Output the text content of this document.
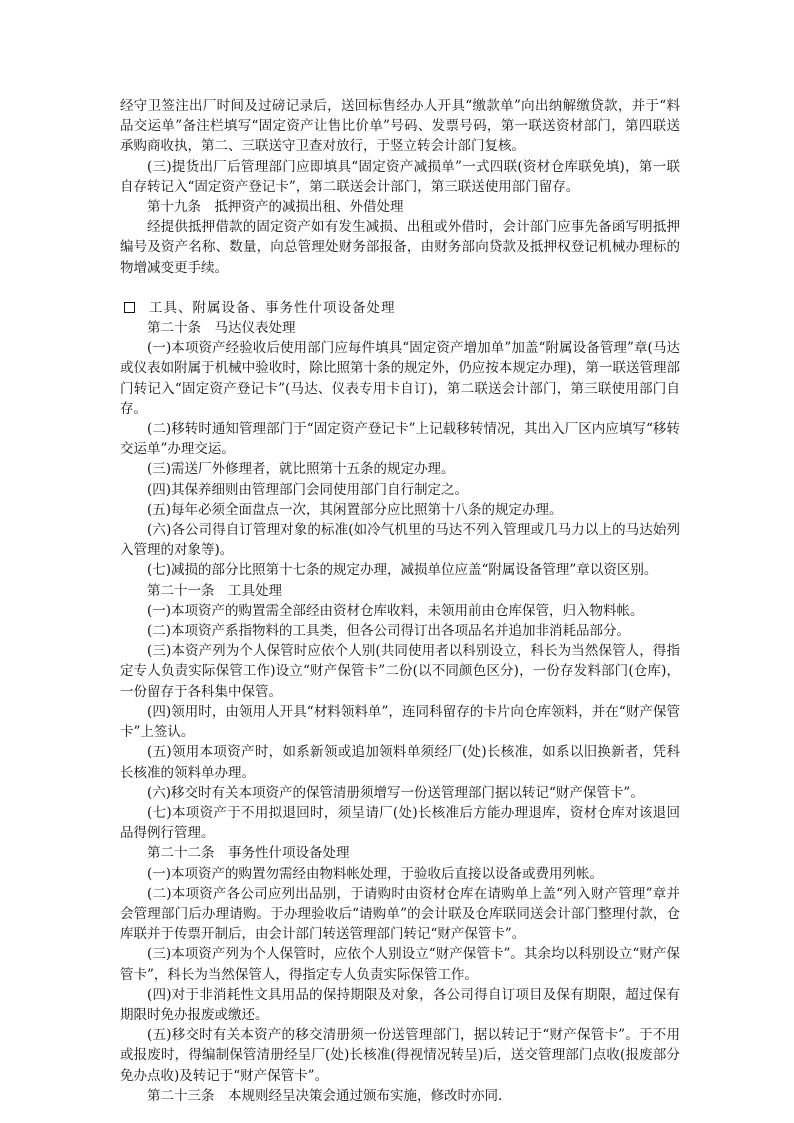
经守卫签注出厂时间及过磅记录后，送回标售经办人开具“缴款单”向出纳解缴贷款，并于“料品交运单”备注栏填写“固定资产让售比价单”号码、发票号码，第一联送资材部门，第四联送承购商收执，第二、三联送守卫查对放行，于竖立转会计部门复核。

(三)提货出厂后管理部门应即填具“固定资产减损单”一式四联(资材仓库联免填)，第一联自存转记入“固定资产登记卡”，第二联送会计部门，第三联送使用部门留存。

第十九条　抵押资产的减损出租、外借处理

经提供抵押借款的固定资产如有发生减损、出租或外借时，会计部门应事先备函写明抵押编号及资产名称、数量，向总管理处财务部报备，由财务部向贷款及抵押权登记机械办理标的物增减变更手续。

工具、附属设备、事务性什项设备处理

第二十条　马达仪表处理

(一)本项资产经验收后使用部门应每件填具“固定资产增加单”加盖“附属设备管理”章(马达或仪表如附属于机械中验收时，除比照第十条的规定外，仍应按本规定办理)，第一联送管理部门转记入“固定资产登记卡”(马达、仪表专用卡自订)，第二联送会计部门，第三联使用部门自存。

(二)移转时通知管理部门于“固定资产登记卡”上记载移转情况，其出入厂区内应填写“移转交运单”办理交运。

(三)需送厂外修理者，就比照第十五条的规定办理。

(四)其保养细则由管理部门会同使用部门自行制定之。

(五)每年必须全面盘点一次，其闲置部分应比照第十八条的规定办理。

(六)各公司得自订管理对象的标准(如冷气机里的马达不列入管理或几马力以上的马达始列入管理的对象等)。

(七)减损的部分比照第十七条的规定办理，减损单位应盖“附属设备管理”章以资区别。

第二十一条　工具处理

(一)本项资产的购置需全部经由资材仓库收料，未领用前由仓库保管，归入物料帐。

(二)本项资产系指物料的工具类，但各公司得订出各项品名并追加非消耗品部分。

(三)本资产列为个人保管时应依个人别(共同使用者以科别设立，科长为当然保管人，得指定专人负责实际保管工作)设立“财产保管卡”二份(以不同颜色区分)，一份存发料部门(仓库)，一份留存于各科集中保管。

(四)领用时，由领用人开具“材料领料单”，连同科留存的卡片向仓库领料，并在“财产保管卡”上签认。

(五)领用本项资产时，如系新领或追加领料单须经厂(处)长核准，如系以旧换新者，凭科长核准的领料单办理。

(六)移交时有关本项资产的保管清册须增写一份送管理部门据以转记“财产保管卡”。

(七)本项资产于不用拟退回时，须呈请厂(处)长核准后方能办理退库，资材仓库对该退回品得例行管理。

第二十二条　事务性什项设备处理

(一)本项资产的购置勿需经由物料帐处理，于验收后直接以设备或费用列帐。

(二)本项资产各公司应列出品别，于请购时由资材仓库在请购单上盖“列入财产管理”章并会管理部门后办理请购。于办理验收后“请购单”的会计联及仓库联同送会计部门整理付款，仓库联并于传票开制后，由会计部门转送管理部门转记“财产保管卡”。

(三)本项资产列为个人保管时，应依个人别设立“财产保管卡”。其余均以科别设立“财产保管卡”，科长为当然保管人，得指定专人负责实际保管工作。

(四)对于非消耗性文具用品的保持期限及对象，各公司得自订项目及保有期限，超过保有期限时免办报废或缴还。

(五)移交时有关本资产的移交清册须一份送管理部门，据以转记于“财产保管卡”。于不用或报废时，得编制保管清册经呈厂(处)长核准(得视情况转呈)后，送交管理部门点收(报废部分免办点收)及转记于“财产保管卡”。

第二十三条　本规则经呈决策会通过颁布实施，修改时亦同.
